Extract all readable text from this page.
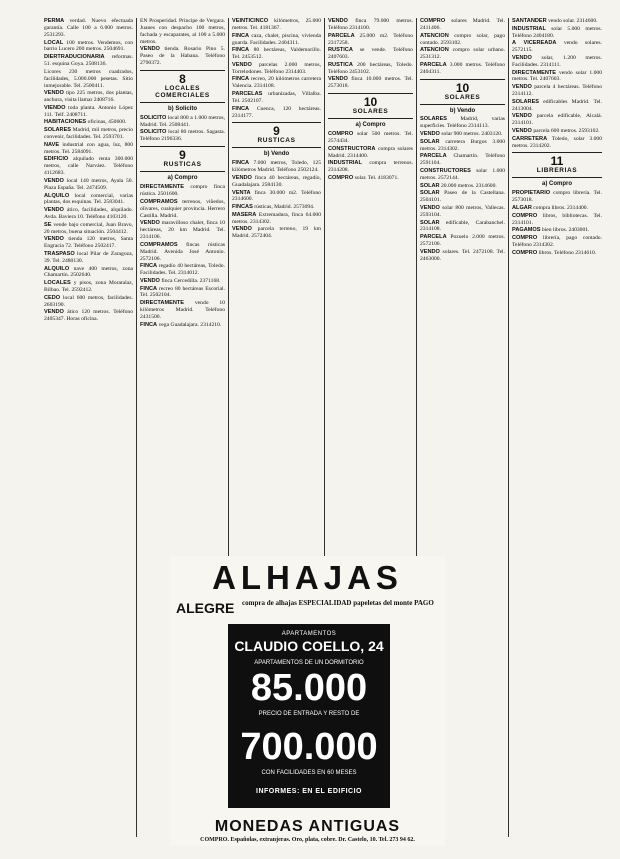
PERMA verdad. Nuevo efectuada garantía. Calle 100 a 6.000 metros. 2531293.

LOCAL 100 metros. Vendemos, con barrio Lucero 200 metros. 2504691.

DIERTRADUCIONARIA reformas. 51. esquina Goya. 2508136.

Licores 230 metros cuadrados, facilidades, 5.000.000 pesetas. Sitio inmejorable. Tel. 2500411.

VENDO tipo 225 metros, dos plantas, anchura, visita llamar 2408716.

VIENDO toda planta. Antonio López 111. Telf. 2408711.

HABITACIONES oficinas, 450600.

SOLARES Madrid, mil metros, precio convenir, facilidades. Tel. 2593701.

NAVE industrial con agua, luz, 800 metros. Tel. 2584091.

EDIFICIO alquilado renta 300.000 metros, calle Narváez. Teléfono 4112683.

VENDO local 140 metros, Ayala 50. Plaza España. Tel. 2474509.

ALQUILO local comercial, varias plantas, dos esquinas. Tel. 2583041.

VENDO ático, facilidades, alquilado. Avda. Baviera 10. Teléfono 4103120.

SE vende bajo comercial, Juan Bravo, 20 metros, buena situación. 2504412.

VENDO tienda 120 metros, Santa Engracia 72. Teléfono 2502417.

TRASPASO local Pilar de Zaragoza, 39. Tel. 2480130.

ALQUILO nave 400 metros, zona Chamartín. 2502640.

LOCALES y pisos, zona Moratalaz, Bilbao. Tel. 2592412.

CEDO local 600 metros, facilidades. 2603190.

VENDO ático 120 metros. Teléfono 2405347. Horas oficina.

EN Prosperidad. Principe de Vergara. Juanes con despacho 100 metros, fachada y escaparates, al 100 a 5.000 metros.

VENDO tienda. Rosario Pino 5. Paseo de la Habana. Teléfono 2790372.

8
LOCALES COMERCIALES
b) Solicito

SOLICITO local 800 a 1.000 metros, Madrid. Tel. 2508441.

SOLICITO local 80 metros. Sagasta. Teléfono 2196336.

9
RUSTICAS
a) Compro

DIRECTAMENTE compro finca rústica. 2501600.

COMPRAMOS terrenos, viñedos, olivares, cualquier provincia. Herrero Castilla. Madrid.

VENDO maravilloso chalet, finca 10 hectáreas, 20 km Madrid. Tel. 2314106.

COMPRAMOS fincas rústicas Madrid. Avenida José Antonio. 2572106.

FINCA regadío 40 hectáreas, Toledo. Facilidades. Tel. 2314012.

VENDO finca Cercedilla. 2371168.

FINCA recreo 80 hectáreas Escorial. Tel. 2502104.

DIRECTAMENTE vendo 10 kilómetros Madrid. Teléfono 2431500.

FINCA vega Guadalajara. 2314210.

VEINTICINCO kilómetros, 25.000 metros. Tel. 4181367.

FINCA caza, chalet, piscina, vivienda guarda. Facilidades. 2404311.

FINCA 80 hectáreas, Valdemorillo. Tel. 2453512.

VENDO parcelas 2.000 metros, Torrelodones. Teléfono 2314403.

FINCA recreo, 20 kilómetros carretera Valencia. 2314108.

PARCELAS urbanizadas, Villalba. Tel. 2502107.

FINCA Cuenca, 120 hectáreas. 2314177.

9
RUSTICAS
b) Vendo

FINCA 7.000 metros, Toledo, 125 kilómetros Madrid. Teléfono 2502124.

VENDO finca 40 hectáreas, regadío, Guadalajara. 2584130.

VENTA finca 30.000 m2. Teléfono 2314600.

FINCAS rústicas, Madrid. 2573094.

MASERA Extremadura, finca 64.000 metros. 2314302.

VENDO parcela terreno, 19 km Madrid. 2572404.

VENDO finca 79.000 metros. Teléfono 2314100.

PARCELA 25.000 m2. Teléfono 2317258.

RUSTICA se vende. Teléfono 2407603.

RUSTICA 200 hectáreas, Toledo. Teléfono 2453102.

VENDO finca 10.000 metros. Tel. 2573018.

10
SOLARES
a) Compro

COMPRO solar 500 metros. Tel. 2574434.

CONSTRUCTORA compra solares Madrid. 2314400.

INDUSTRIAL compra terrenos. 2314208.

COMPRO solar. Tel. 4183071.

COMPRO solares Madrid. Tel. 2411406.

ATENCION compro solar, pago contado. 2593102.

ATENCION compro solar urbano. 2531312.

PARCELA 3.000 metros. Teléfono 2404311.

10
SOLARES
b) Vendo

SOLARES Madrid, varias superficies. Teléfono 2314113.

VENDO solar 900 metros. 2403120.

SOLAR carretera Burgos 3.000 metros. 2314302.

PARCELA Chamartín. Teléfono 2591104.

CONSTRUCTORES solar 1.000 metros. 2572144.

SOLAR 20.000 metros. 2314600.

SOLAR Paseo de la Castellana. 2504101.

VENDO solar 800 metros, Vallecas. 2593104.

SOLAR edificable, Carabanchel. 2314108.

PARCELA Pozuelo 2.000 metros. 2572106.

VENDO solares. Tel. 2472108. Tel. 2463000.

SANTANDER vendo solar. 2314600.

INDUSTRIAL solar 5.000 metros. Teléfono 2404180.

A VICEREADA vendo solares. 2572115.

VENDO solar, 1.200 metros. Facilidades. 2314111.

DIRECTAMENTE vendo solar 1.000 metros. Tel. 2407603.

VENDO parcela 4 hectáreas. Teléfono 2314112.

SOLARES edificables Madrid. Tel. 2413004.

VENDO parcela edificable, Alcalá. 2314101.

VENDO parcela 600 metros. 2593102.

CARRETERA Toledo, solar 3.000 metros. 2314202.

11
LIBRERIAS
a) Compro

PROPIETARIO compro librería. Tel. 2573018.

ALGAR compra libros. 2314400.

COMPRO libros, bibliotecas. Tel. 2314101.

PAGAMOS bien libros. 2403001.

COMPRO librería, pago contado. Teléfono 2314302.

COMPRO libros. Teléfono 2314610.

ALHAJAS
ALEGRE compra de alhajas ESPECIALIDAD papeletas del monte PAGO
APARTAMENTOS
CLAUDIO COELLO, 24
APARTAMENTOS DE UN DORMITORIO
85.000
PRECIO DE ENTRADA Y RESTO DE
700.000
CON FACILIDADES EN 60 MESES
INFORMES: EN EL EDIFICIO
MONEDAS ANTIGUAS
COMPRO. Españolas, extranjeras. Oro, plata, cobre. Dr. Castelo, 10. Tel. 273 94 62.
